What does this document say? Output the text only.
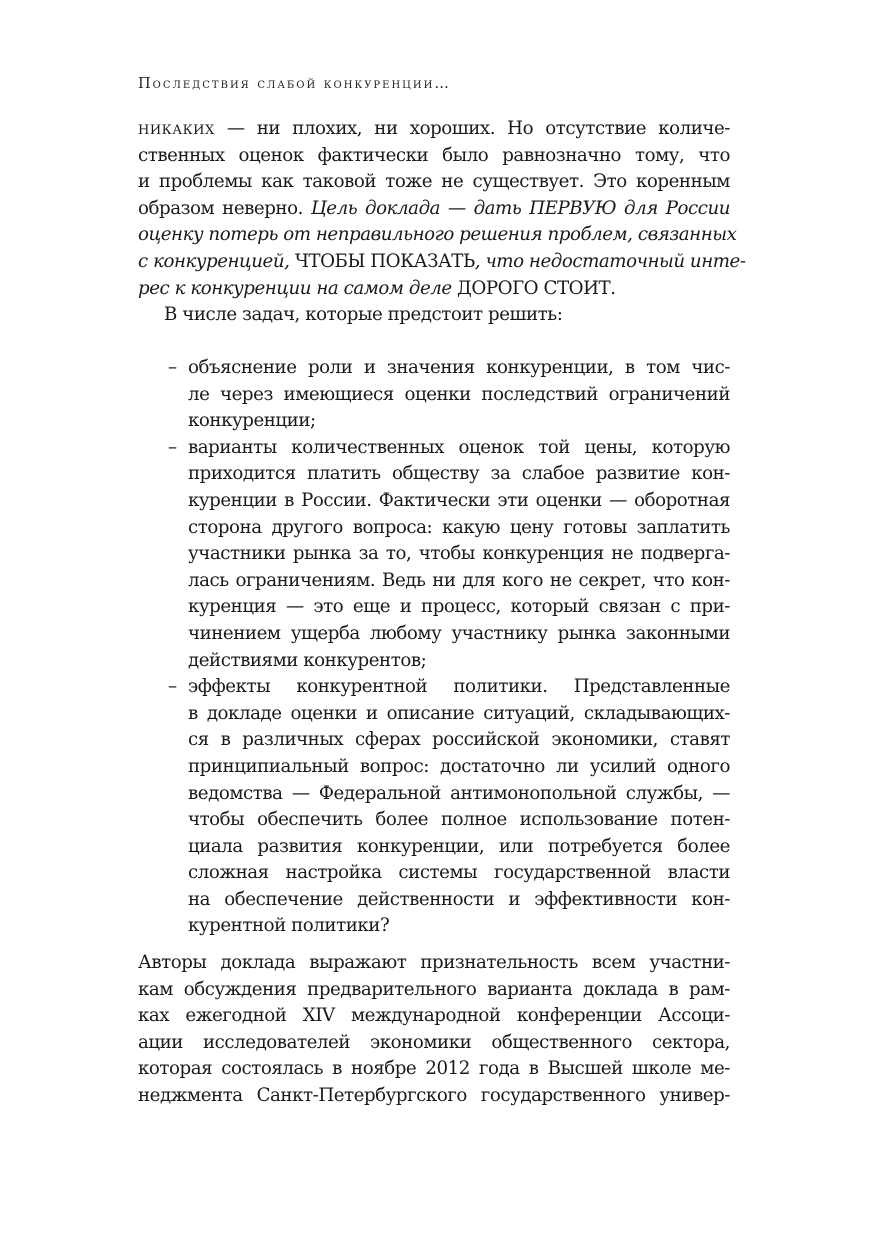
Последствия слабой конкуренции…
никаких — ни плохих, ни хороших. Но отсутствие количе-
ственных оценок фактически было равнозначно тому, что
и проблемы как таковой тоже не существует. Это коренным
образом неверно. Цель доклада — дать ПЕРВУЮ для России
оценку потерь от неправильного решения проблем, связанных
с конкуренцией, ЧТОБЫ ПОКАЗАТЬ, что недостаточный инте-
рес к конкуренции на самом деле ДОРОГО СТОИТ.
В числе задач, которые предстоит решить:
– объяснение роли и значения конкуренции, в том чис-
ле через имеющиеся оценки последствий ограничений
конкуренции;
– варианты количественных оценок той цены, которую
приходится платить обществу за слабое развитие кон-
куренции в России. Фактически эти оценки — оборотная
сторона другого вопроса: какую цену готовы заплатить
участники рынка за то, чтобы конкуренция не подверга-
лась ограничениям. Ведь ни для кого не секрет, что кон-
куренция — это еще и процесс, который связан с при-
чинением ущерба любому участнику рынка законными
действиями конкурентов;
– эффекты конкурентной политики. Представленные
в докладе оценки и описание ситуаций, складывающих-
ся в различных сферах российской экономики, ставят
принципиальный вопрос: достаточно ли усилий одного
ведомства — Федеральной антимонопольной службы, —
чтобы обеспечить более полное использование потен-
циала развития конкуренции, или потребуется более
сложная настройка системы государственной власти
на обеспечение действенности и эффективности кон-
курентной политики?
Авторы доклада выражают признательность всем участни-
кам обсуждения предварительного варианта доклада в рам-
ках ежегодной XIV международной конференции Ассоци-
ации исследователей экономики общественного сектора,
которая состоялась в ноябре 2012 года в Высшей школе ме-
неджмента Санкт-Петербургского государственного универ-
